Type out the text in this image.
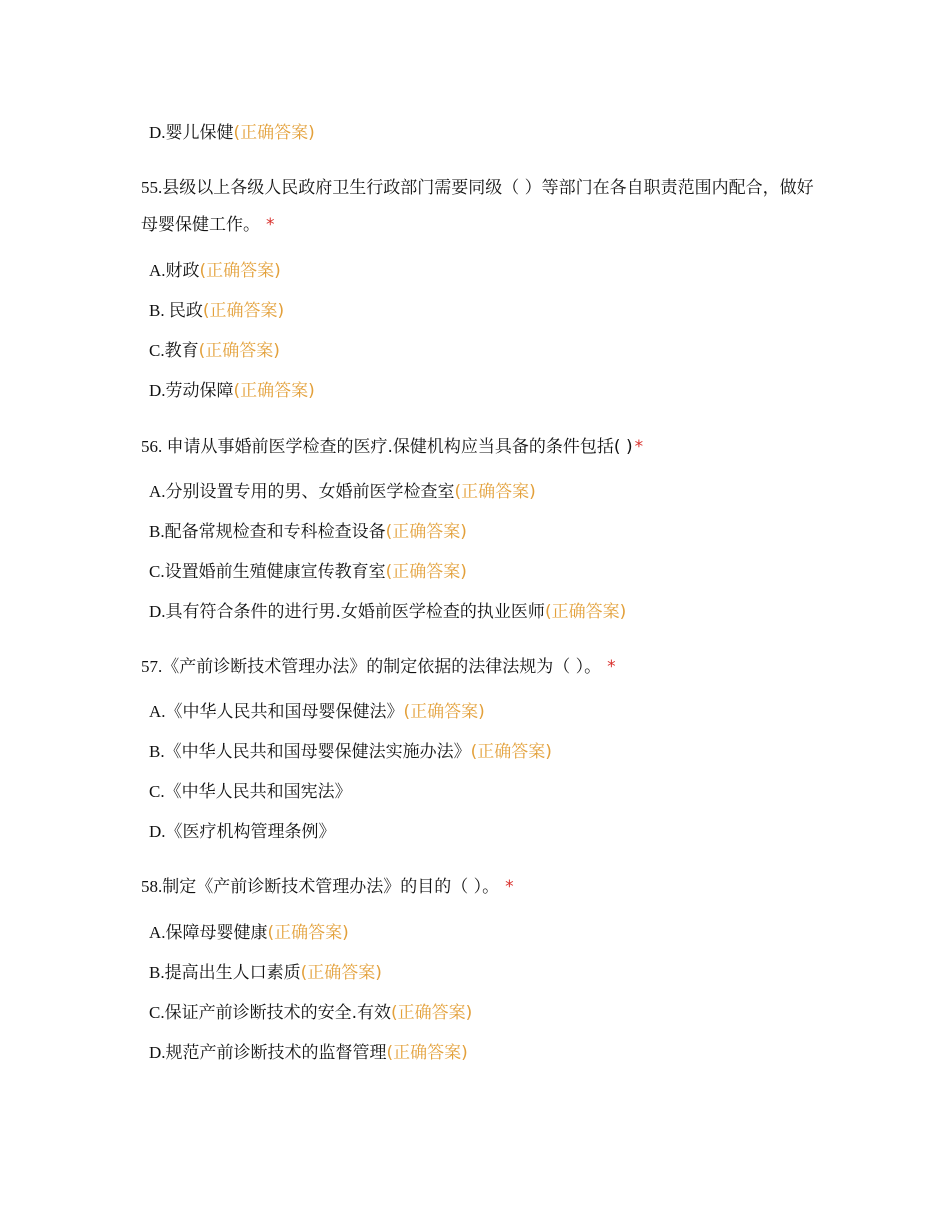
D.婴儿保健(正确答案)
55.县级以上各级人民政府卫生行政部门需要同级（ ）等部门在各自职责范围内配合，做好母婴保健工作。 *
A.财政(正确答案)
B. 民政(正确答案)
C.教育(正确答案)
D.劳动保障(正确答案)
56. 申请从事婚前医学检查的医疗.保健机构应当具备的条件包括( ) *
A.分别设置专用的男、女婚前医学检查室(正确答案)
B.配备常规检查和专科检查设备(正确答案)
C.设置婚前生殖健康宣传教育室(正确答案)
D.具有符合条件的进行男.女婚前医学检查的执业医师(正确答案)
57.《产前诊断技术管理办法》的制定依据的法律法规为（ ）。 *
A.《中华人民共和国母婴保健法》(正确答案)
B.《中华人民共和国母婴保健法实施办法》(正确答案)
C.《中华人民共和国宪法》
D.《医疗机构管理条例》
58.制定《产前诊断技术管理办法》的目的（ ）。 *
A.保障母婴健康(正确答案)
B.提高出生人口素质(正确答案)
C.保证产前诊断技术的安全.有效(正确答案)
D.规范产前诊断技术的监督管理(正确答案)
